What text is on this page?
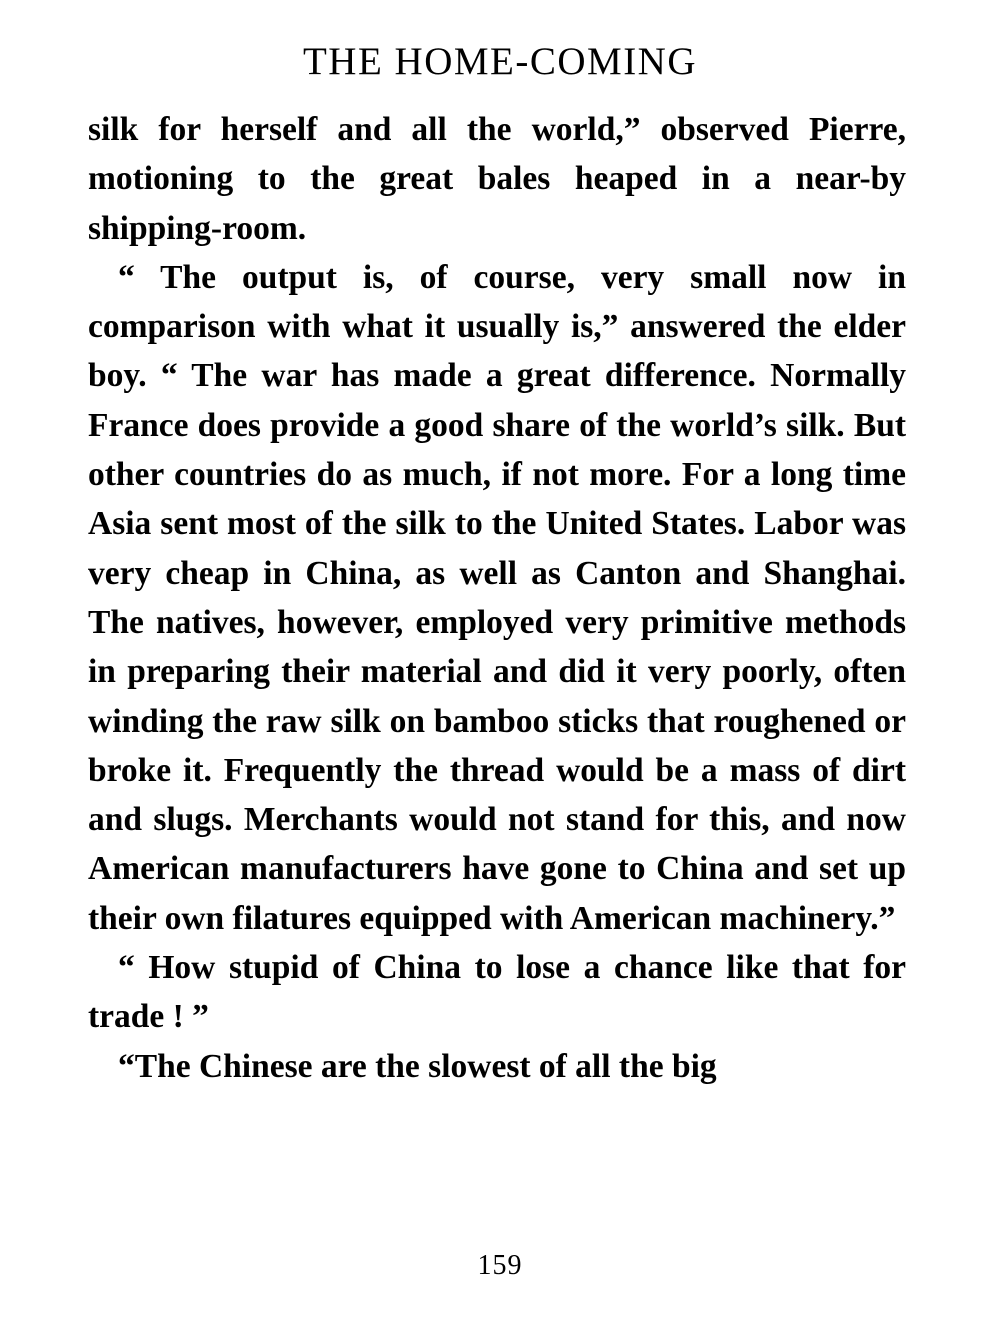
THE HOME-COMING

silk for herself and all the world,” observed Pierre, motioning to the great bales heaped in a near-by shipping-room.

“ The output is, of course, very small now in comparison with what it usually is,” answered the elder boy. “ The war has made a great difference. Normally France does provide a good share of the world’s silk. But other countries do as much, if not more. For a long time Asia sent most of the silk to the United States. Labor was very cheap in China, as well as Canton and Shanghai. The natives, however, employed very primitive methods in preparing their material and did it very poorly, often winding the raw silk on bamboo sticks that roughened or broke it. Frequently the thread would be a mass of dirt and slugs. Merchants would not stand for this, and now American manufacturers have gone to China and set up their own filatures equipped with American machinery.”

“ How stupid of China to lose a chance like that for trade ! ”

“The Chinese are the slowest of all the big

159
